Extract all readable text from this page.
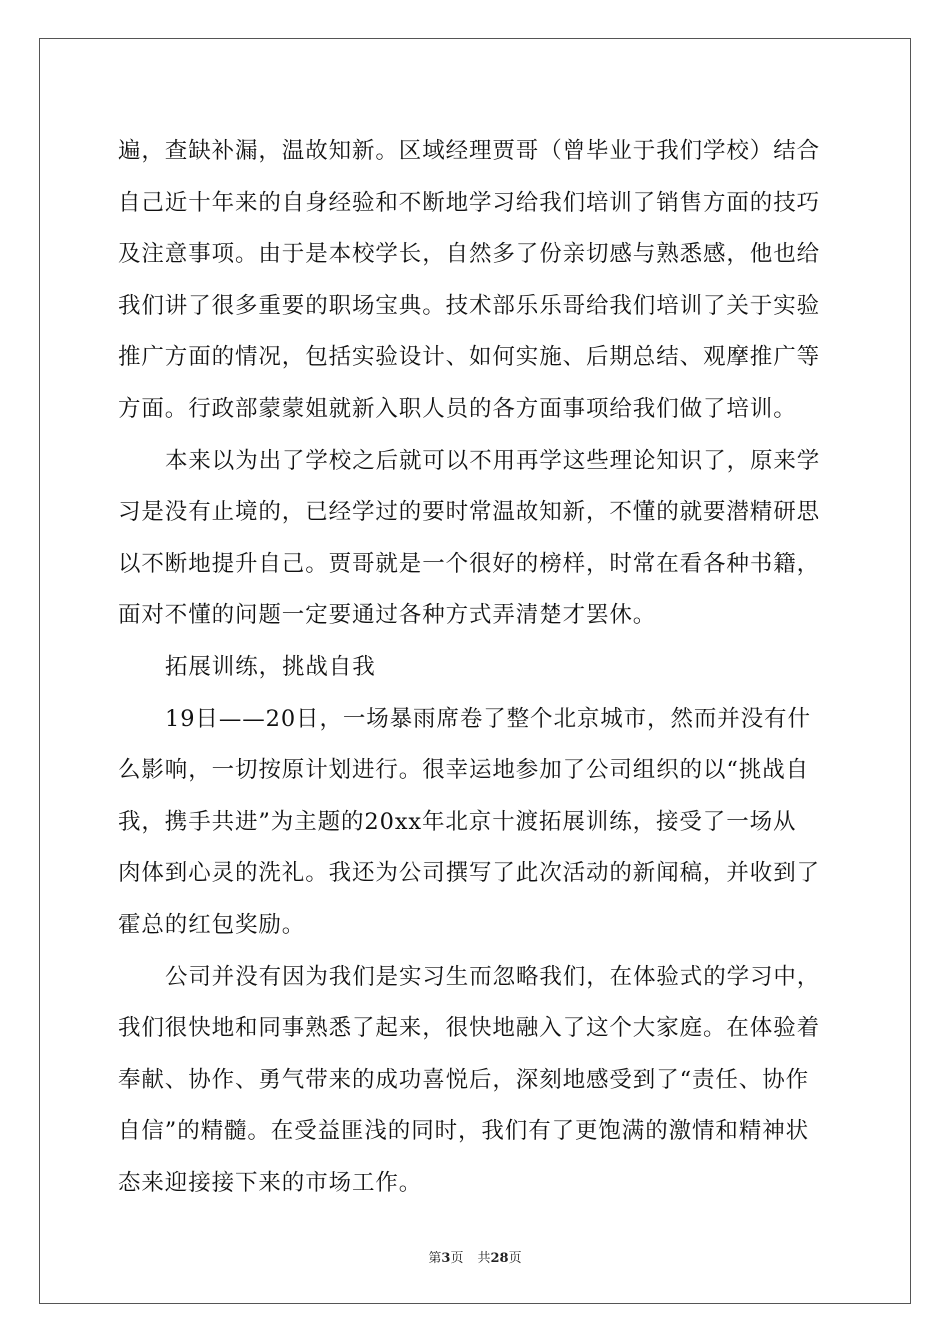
遍，查缺补漏，温故知新。区域经理贾哥（曾毕业于我们学校）结合
自己近十年来的自身经验和不断地学习给我们培训了销售方面的技巧
及注意事项。由于是本校学长，自然多了份亲切感与熟悉感，他也给
我们讲了很多重要的职场宝典。技术部乐乐哥给我们培训了关于实验
推广方面的情况，包括实验设计、如何实施、后期总结、观摩推广等
方面。行政部蒙蒙姐就新入职人员的各方面事项给我们做了培训。
本来以为出了学校之后就可以不用再学这些理论知识了，原来学
习是没有止境的，已经学过的要时常温故知新，不懂的就要潜精研思
以不断地提升自己。贾哥就是一个很好的榜样，时常在看各种书籍，
面对不懂的问题一定要通过各种方式弄清楚才罢休。
拓展训练，挑战自我
19日——20日，一场暴雨席卷了整个北京城市，然而并没有什
么影响，一切按原计划进行。很幸运地参加了公司组织的以“挑战自
我，携手共进”为主题的20xx年北京十渡拓展训练，接受了一场从
肉体到心灵的洗礼。我还为公司撰写了此次活动的新闻稿，并收到了
霍总的红包奖励。
公司并没有因为我们是实习生而忽略我们，在体验式的学习中，
我们很快地和同事熟悉了起来，很快地融入了这个大家庭。在体验着
奉献、协作、勇气带来的成功喜悦后，深刻地感受到了“责任、协作
自信”的精髓。在受益匪浅的同时，我们有了更饱满的激情和精神状
态来迎接接下来的市场工作。
第3页 共28页
